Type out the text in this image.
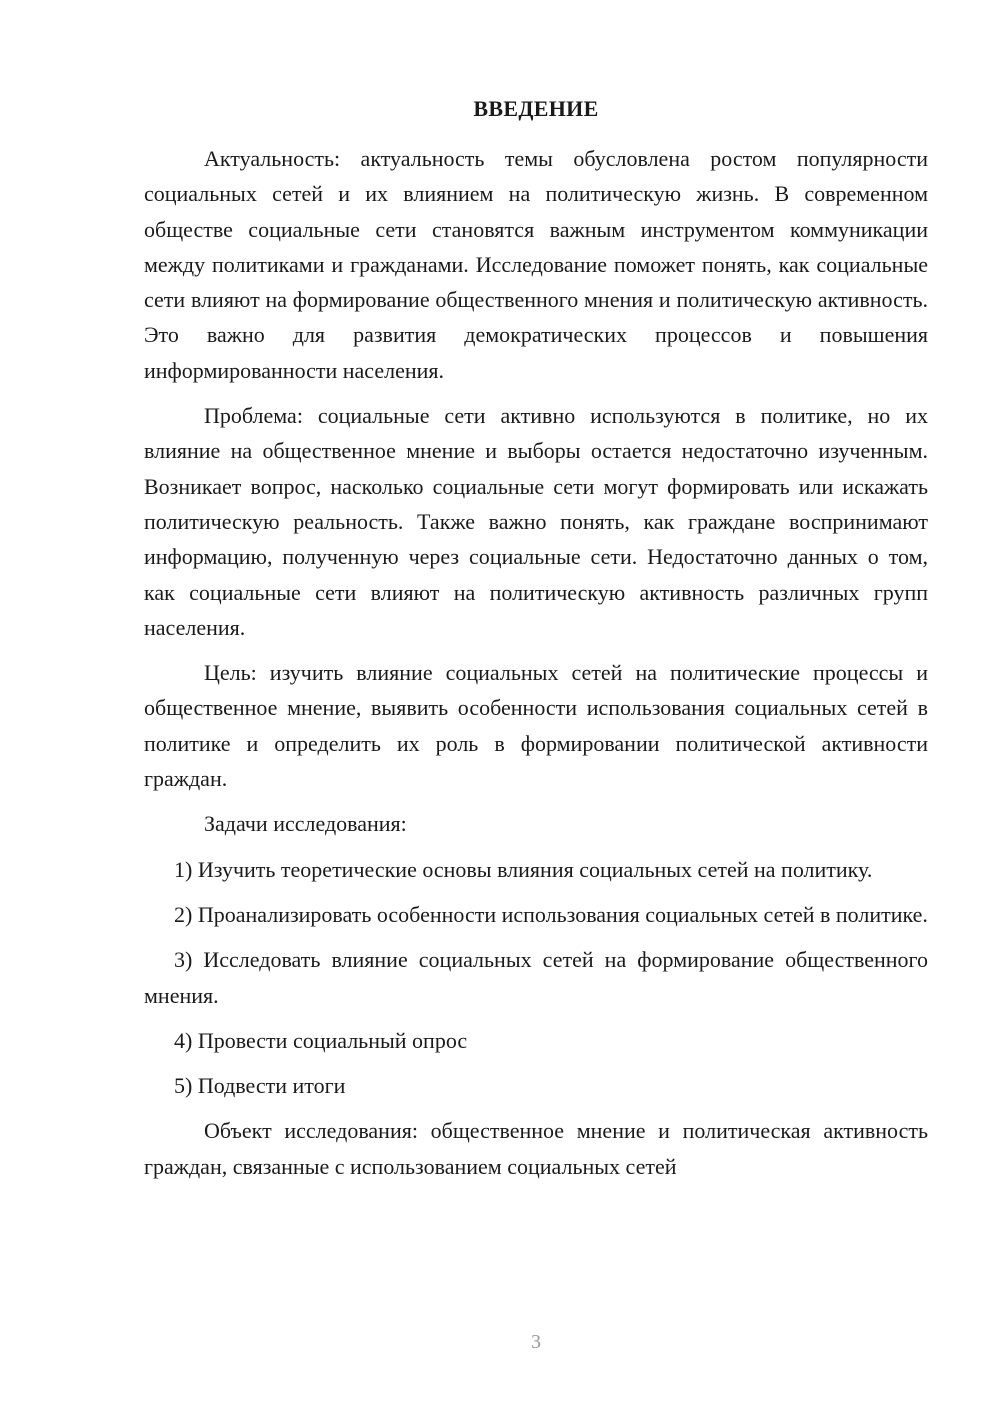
ВВЕДЕНИЕ

Актуальность: актуальность темы обусловлена ростом популярности социальных сетей и их влиянием на политическую жизнь. В современном обществе социальные сети становятся важным инструментом коммуникации между политиками и гражданами. Исследование поможет понять, как социальные сети влияют на формирование общественного мнения и политическую активность. Это важно для развития демократических процессов и повышения информированности населения.

Проблема: социальные сети активно используются в политике, но их влияние на общественное мнение и выборы остается недостаточно изученным. Возникает вопрос, насколько социальные сети могут формировать или искажать политическую реальность. Также важно понять, как граждане воспринимают информацию, полученную через социальные сети. Недостаточно данных о том, как социальные сети влияют на политическую активность различных групп населения.

Цель: изучить влияние социальных сетей на политические процессы и общественное мнение, выявить особенности использования социальных сетей в политике и определить их роль в формировании политической активности граждан.

Задачи исследования:

1) Изучить теоретические основы влияния социальных сетей на политику.

2) Проанализировать особенности использования социальных сетей в политике.

3) Исследовать влияние социальных сетей на формирование общественного мнения.

4) Провести социальный опрос

5) Подвести итоги

Объект исследования: общественное мнение и политическая активность граждан, связанные с использованием социальных сетей

3
